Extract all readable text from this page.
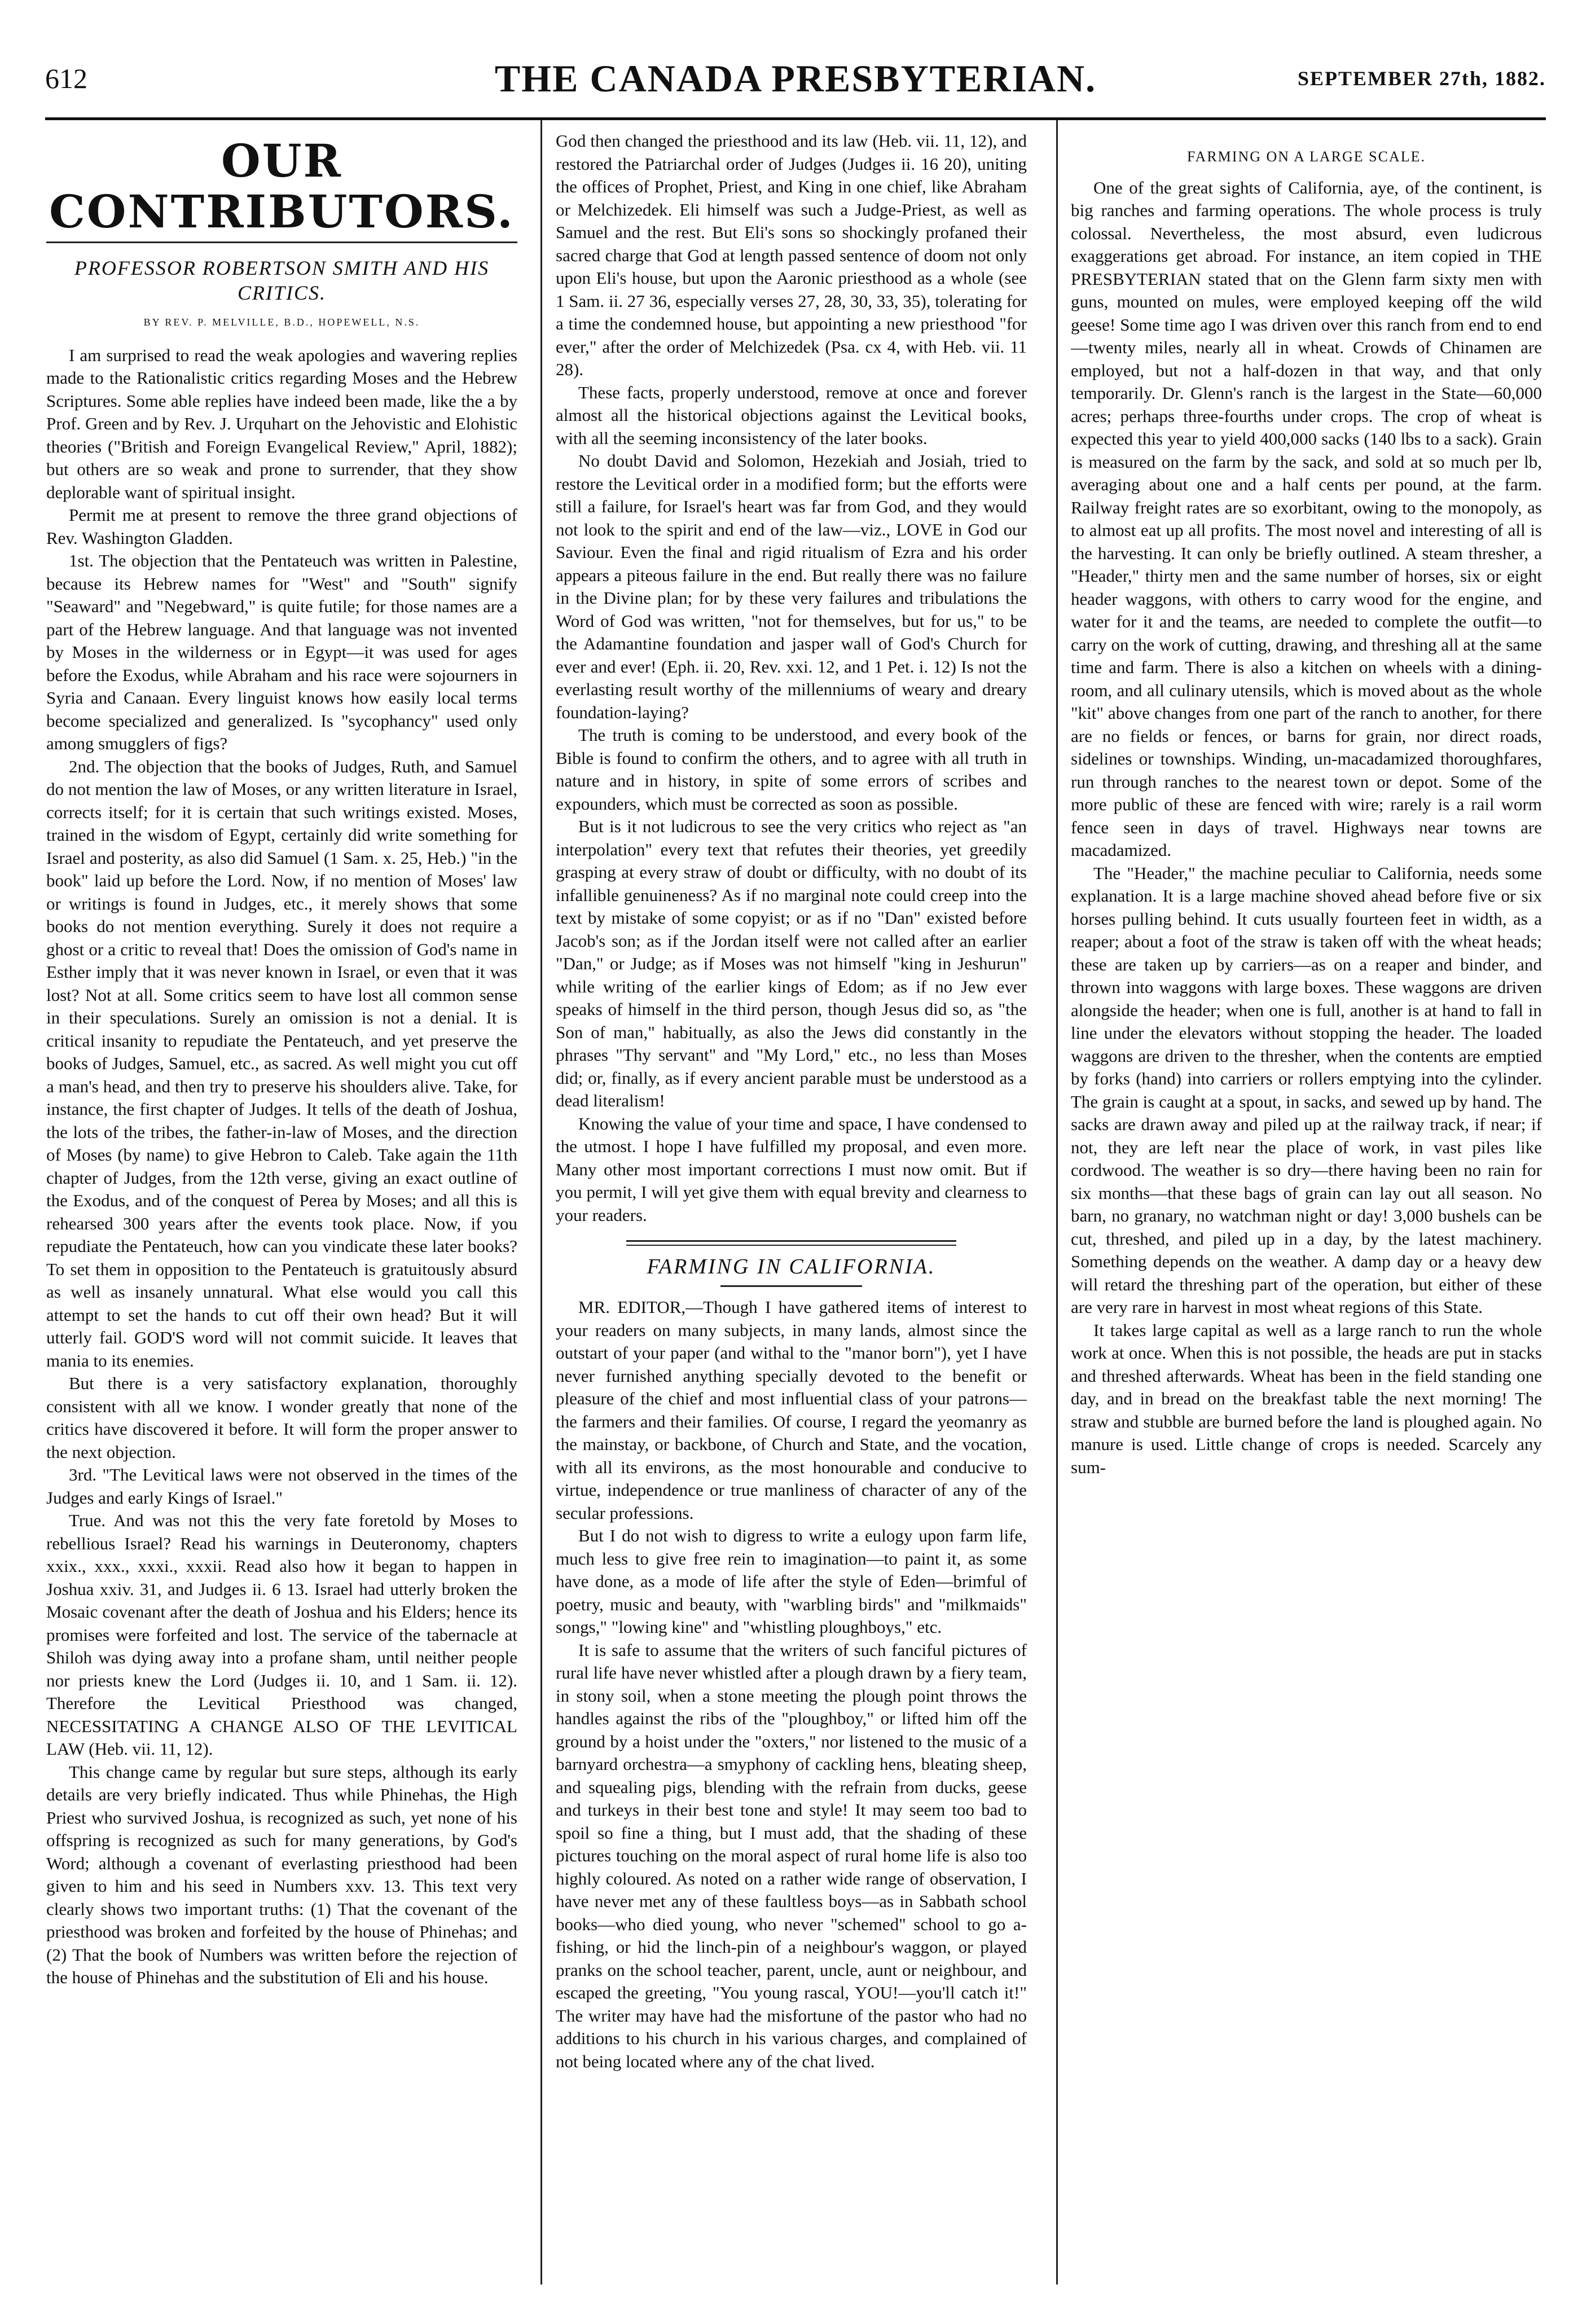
612	THE CANADA PRESBYTERIAN.	SEPTEMBER 27th, 1882.
OUR CONTRIBUTORS.
PROFESSOR ROBERTSON SMITH AND HIS CRITICS.
BY REV. P. MELVILLE, B.D., HOPEWELL, N.S.

I am surprised to read the weak apologies and wavering replies made to the Rationalistic critics regarding Moses and the Hebrew Scriptures. Some able replies have indeed been made, like the a by Prof. Green and by Rev. J. Urquhart on the Jehovistic and Elohistic theories ("British and Foreign Evangelical Review," April, 1882); but others are so weak and prone to surrender, that they show deplorable want of spiritual insight.

Permit me at present to remove the three grand objections of Rev. Washington Gladden.

1st. The objection that the Pentateuch was written in Palestine, because its Hebrew names for "West" and "South" signify "Seaward" and "Negebward," is quite futile; for those names are a part of the Hebrew language. And that language was not invented by Moses in the wilderness or in Egypt—it was used for ages before the Exodus, while Abraham and his race were sojourners in Syria and Canaan. Every linguist knows how easily local terms become specialized and generalized. Is "sycophancy" used only among smugglers of figs?

2nd. The objection that the books of Judges, Ruth, and Samuel do not mention the law of Moses, or any written literature in Israel, corrects itself; for it is certain that such writings existed. Moses, trained in the wisdom of Egypt, certainly did write something for Israel and posterity, as also did Samuel (1 Sam. x. 25, Heb.) "in the book" laid up before the Lord. Now, if no mention of Moses' law or writings is found in Judges, etc., it merely shows that some books do not mention everything. Surely it does not require a ghost or a critic to reveal that! Does the omission of God's name in Esther imply that it was never known in Israel, or even that it was lost? Not at all. Some critics seem to have lost all common sense in their speculations. Surely an omission is not a denial. It is critical insanity to repudiate the Pentateuch, and yet preserve the books of Judges, Samuel, etc., as sacred. As well might you cut off a man's head, and then try to preserve his shoulders alive. Take, for instance, the first chapter of Judges. It tells of the death of Joshua, the lots of the tribes, the father-in-law of Moses, and the direction of Moses (by name) to give Hebron to Caleb. Take again the 11th chapter of Judges, from the 12th verse, giving an exact outline of the Exodus, and of the conquest of Perea by Moses; and all this is rehearsed 300 years after the events took place. Now, if you repudiate the Pentateuch, how can you vindicate these later books? To set them in opposition to the Pentateuch is gratuitously absurd as well as insanely unnatural. What else would you call this attempt to set the hands to cut off their own head? But it will utterly fail. GOD'S word will not commit suicide. It leaves that mania to its enemies.

But there is a very satisfactory explanation, thoroughly consistent with all we know. I wonder greatly that none of the critics have discovered it before. It will form the proper answer to the next objection.

3rd. "The Levitical laws were not observed in the times of the Judges and early Kings of Israel."

True. And was not this the very fate foretold by Moses to rebellious Israel? Read his warnings in Deuteronomy, chapters xxix., xxx., xxxi., xxxii. Read also how it began to happen in Joshua xxiv. 31, and Judges ii. 6 13. Israel had utterly broken the Mosaic covenant after the death of Joshua and his Elders; hence its promises were forfeited and lost. The service of the tabernacle at Shiloh was dying away into a profane sham, until neither people nor priests knew the Lord (Judges ii. 10, and 1 Sam. ii. 12). Therefore the Levitical Priesthood was changed, NECESSITATING A CHANGE ALSO OF THE LEVITICAL LAW (Heb. vii. 11, 12).

This change came by regular but sure steps, although its early details are very briefly indicated. Thus while Phinehas, the High Priest who survived Joshua, is recognized as such, yet none of his offspring is recognized as such for many generations, by God's Word; although a covenant of everlasting priesthood had been given to him and his seed in Numbers xxv. 13. This text very clearly shows two important truths: (1) That the covenant of the priesthood was broken and forfeited by the house of Phinehas; and (2) That the book of Numbers was written before the rejection of the house of Phinehas and the substitution of Eli and his house.

God then changed the priesthood and its law (Heb. vii. 11, 12), and restored the Patriarchal order of Judges (Judges ii. 16 20), uniting the offices of Prophet, Priest, and King in one chief, like Abraham or Melchizedek. Eli himself was such a Judge-Priest, as well as Samuel and the rest. But Eli's sons so shockingly profaned their sacred charge that God at length passed sentence of doom not only upon Eli's house, but upon the Aaronic priesthood as a whole (see 1 Sam. ii. 27 36, especially verses 27, 28, 30, 33, 35), tolerating for a time the condemned house, but appointing a new priesthood "for ever," after the order of Melchizedek (Psa. cx 4, with Heb. vii. 11 28).

These facts, properly understood, remove at once and forever almost all the historical objections against the Levitical books, with all the seeming inconsistency of the later books.

No doubt David and Solomon, Hezekiah and Josiah, tried to restore the Levitical order in a modified form; but the efforts were still a failure, for Israel's heart was far from God, and they would not look to the spirit and end of the law—viz., LOVE in God our Saviour. Even the final and rigid ritualism of Ezra and his order appears a piteous failure in the end. But really there was no failure in the Divine plan; for by these very failures and tribulations the Word of God was written, "not for themselves, but for us," to be the Adamantine foundation and jasper wall of God's Church for ever and ever! (Eph. ii. 20, Rev. xxi. 12, and 1 Pet. i. 12) Is not the everlasting result worthy of the millenniums of weary and dreary foundation-laying?

The truth is coming to be understood, and every book of the Bible is found to confirm the others, and to agree with all truth in nature and in history, in spite of some errors of scribes and expounders, which must be corrected as soon as possible.

But is it not ludicrous to see the very critics who reject as "an interpolation" every text that refutes their theories, yet greedily grasping at every straw of doubt or difficulty, with no doubt of its infallible genuineness? As if no marginal note could creep into the text by mistake of some copyist; or as if no "Dan" existed before Jacob's son; as if the Jordan itself were not called after an earlier "Dan," or Judge; as if Moses was not himself "king in Jeshurun" while writing of the earlier kings of Edom; as if no Jew ever speaks of himself in the third person, though Jesus did so, as "the Son of man," habitually, as also the Jews did constantly in the phrases "Thy servant" and "My Lord," etc., no less than Moses did; or, finally, as if every ancient parable must be understood as a dead literalism!

Knowing the value of your time and space, I have condensed to the utmost. I hope I have fulfilled my proposal, and even more. Many other most important corrections I must now omit. But if you permit, I will yet give them with equal brevity and clearness to your readers.

FARMING IN CALIFORNIA.

MR. EDITOR,—Though I have gathered items of interest to your readers on many subjects, in many lands, almost since the outstart of your paper (and withal to the "manor born"), yet I have never furnished anything specially devoted to the benefit or pleasure of the chief and most influential class of your patrons—the farmers and their families. Of course, I regard the yeomanry as the mainstay, or backbone, of Church and State, and the vocation, with all its environs, as the most honourable and conducive to virtue, independence or true manliness of character of any of the secular professions.

But I do not wish to digress to write a eulogy upon farm life, much less to give free rein to imagination—to paint it, as some have done, as a mode of life after the style of Eden—brimful of poetry, music and beauty, with "warbling birds" and "milkmaids" songs," "lowing kine" and "whistling ploughboys," etc.

It is safe to assume that the writers of such fanciful pictures of rural life have never whistled after a plough drawn by a fiery team, in stony soil, when a stone meeting the plough point throws the handles against the ribs of the "ploughboy," or lifted him off the ground by a hoist under the "oxters," nor listened to the music of a barnyard orchestra—a smyphony of cackling hens, bleating sheep, and squealing pigs, blending with the refrain from ducks, geese and turkeys in their best tone and style! It may seem too bad to spoil so fine a thing, but I must add, that the shading of these pictures touching on the moral aspect of rural home life is also too highly coloured. As noted on a rather wide range of observation, I have never met any of these faultless boys—as in Sabbath school books—who died young, who never "schemed" school to go a-fishing, or hid the linch-pin of a neighbour's waggon, or played pranks on the school teacher, parent, uncle, aunt or neighbour, and escaped the greeting, "You young rascal, YOU!—you'll catch it!" The writer may have had the misfortune of the pastor who had no additions to his church in his various charges, and complained of not being located where any of the chat lived.

FARMING ON A LARGE SCALE.

One of the great sights of California, aye, of the continent, is big ranches and farming operations. The whole process is truly colossal. Nevertheless, the most absurd, even ludicrous exaggerations get abroad. For instance, an item copied in THE PRESBYTERIAN stated that on the Glenn farm sixty men with guns, mounted on mules, were employed keeping off the wild geese! Some time ago I was driven over this ranch from end to end—twenty miles, nearly all in wheat. Crowds of Chinamen are employed, but not a half-dozen in that way, and that only temporarily. Dr. Glenn's ranch is the largest in the State—60,000 acres; perhaps three-fourths under crops. The crop of wheat is expected this year to yield 400,000 sacks (140 lbs to a sack). Grain is measured on the farm by the sack, and sold at so much per lb, averaging about one and a half cents per pound, at the farm. Railway freight rates are so exorbitant, owing to the monopoly, as to almost eat up all profits. The most novel and interesting of all is the harvesting. It can only be briefly outlined. A steam thresher, a "Header," thirty men and the same number of horses, six or eight header waggons, with others to carry wood for the engine, and water for it and the teams, are needed to complete the outfit—to carry on the work of cutting, drawing, and threshing all at the same time and farm. There is also a kitchen on wheels with a dining-room, and all culinary utensils, which is moved about as the whole "kit" above changes from one part of the ranch to another, for there are no fields or fences, or barns for grain, nor direct roads, sidelines or townships. Winding, un-macadamized thoroughfares, run through ranches to the nearest town or depot. Some of the more public of these are fenced with wire; rarely is a rail worm fence seen in days of travel. Highways near towns are macadamized.

The "Header," the machine peculiar to California, needs some explanation. It is a large machine shoved ahead before five or six horses pulling behind. It cuts usually fourteen feet in width, as a reaper; about a foot of the straw is taken off with the wheat heads; these are taken up by carriers—as on a reaper and binder, and thrown into waggons with large boxes. These waggons are driven alongside the header; when one is full, another is at hand to fall in line under the elevators without stopping the header. The loaded waggons are driven to the thresher, when the contents are emptied by forks (hand) into carriers or rollers emptying into the cylinder. The grain is caught at a spout, in sacks, and sewed up by hand. The sacks are drawn away and piled up at the railway track, if near; if not, they are left near the place of work, in vast piles like cordwood. The weather is so dry—there having been no rain for six months—that these bags of grain can lay out all season. No barn, no granary, no watchman night or day! 3,000 bushels can be cut, threshed, and piled up in a day, by the latest machinery. Something depends on the weather. A damp day or a heavy dew will retard the threshing part of the operation, but either of these are very rare in harvest in most wheat regions of this State.

It takes large capital as well as a large ranch to run the whole work at once. When this is not possible, the heads are put in stacks and threshed afterwards. Wheat has been in the field standing one day, and in bread on the breakfast table the next morning! The straw and stubble are burned before the land is ploughed again. No manure is used. Little change of crops is needed. Scarcely any sum-
